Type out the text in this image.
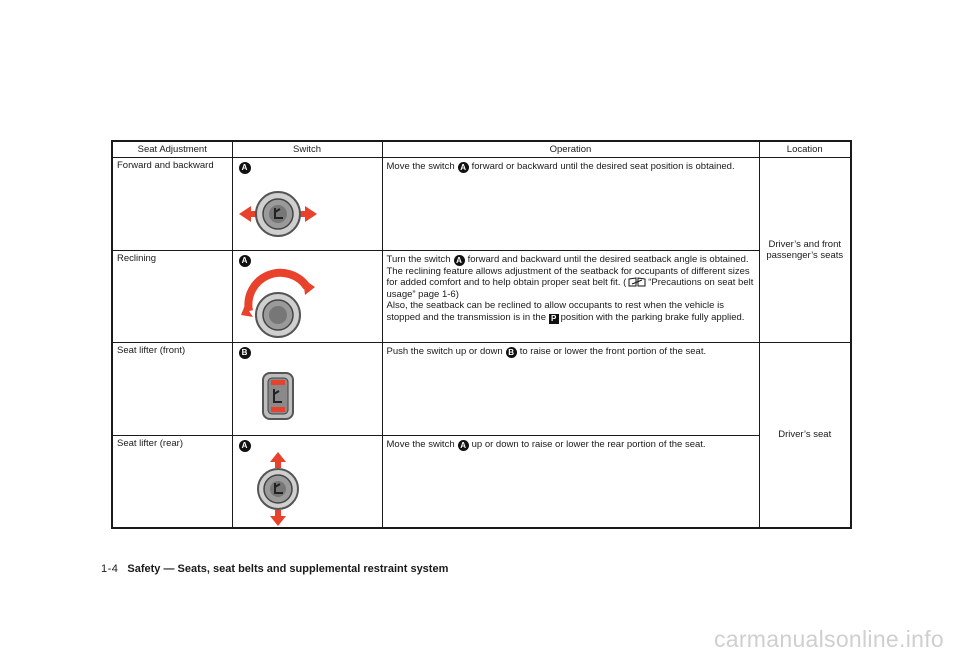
Seat Adjustment	Switch	Operation	Location
Forward and backward	A	Move the switch A forward or backward until the desired seat position is obtained.	Driver’s and front passenger’s seats
Reclining	A	Turn the switch A forward and backward until the desired seatback angle is obtained.
The reclining feature allows adjustment of the seatback for occupants of different sizes for added comfort and to help obtain proper seat belt fit. ( “Precautions on seat belt usage” page 1-6)
Also, the seatback can be reclined to allow occupants to rest when the vehicle is stopped and the transmission is in the P position with the parking brake fully applied.	
Seat lifter (front)	B	Push the switch up or down B to raise or lower the front portion of the seat.	Driver’s seat
Seat lifter (rear)	A	Move the switch A up or down to raise or lower the rear portion of the seat.	
1-4 Safety — Seats, seat belts and supplemental restraint system
carmanualsonline.info
